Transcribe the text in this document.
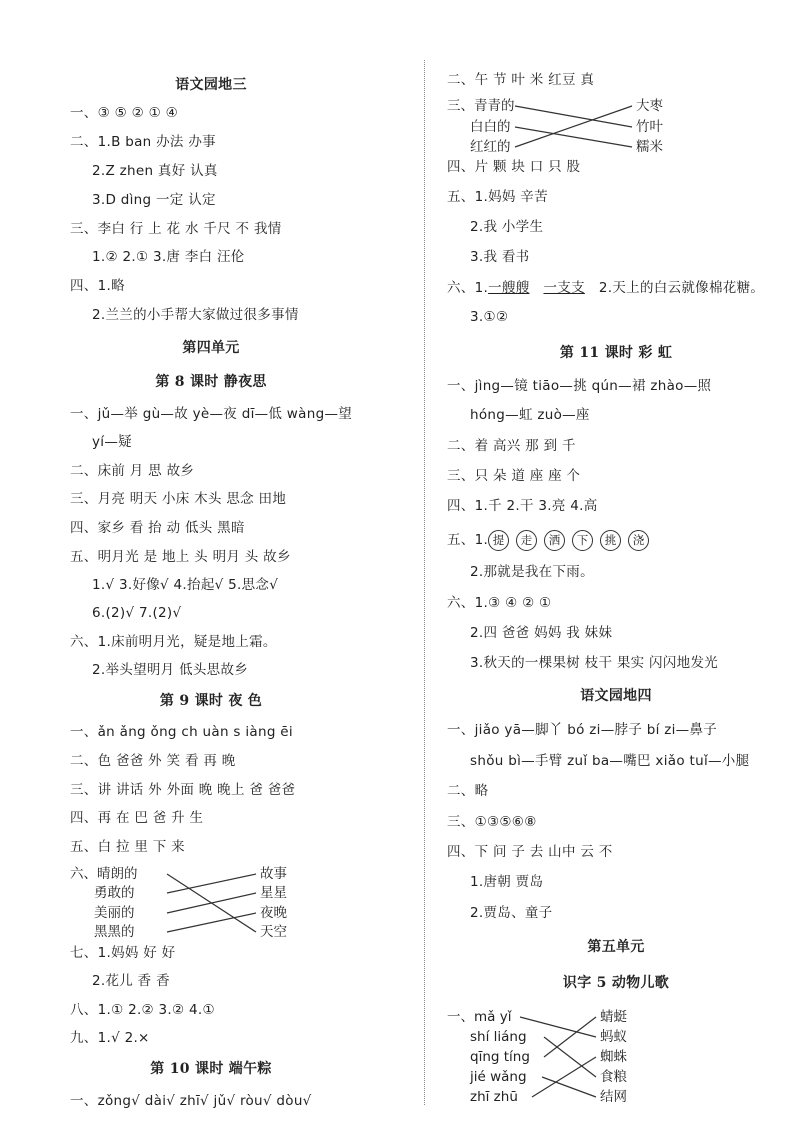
语文园地三
一、③ ⑤ ② ① ④
二、1.B ban 办法 办事
2.Z zhen 真好 认真
3.D dìng 一定 认定
三、李白 行 上 花 水 千尺 不 我情
1.② 2.① 3.唐 李白 汪伦
四、1.略
2.兰兰的小手帮大家做过很多事情
第四单元
第 8 课时 静夜思
一、jǔ—举 gù—故 yè—夜 dī—低 wàng—望
yí—疑
二、床前 月 思 故乡
三、月亮 明天 小床 木头 思念 田地
四、家乡 看 抬 动 低头 黑暗
五、明月光 是 地上 头 明月 头 故乡
1.√ 3.好像√ 4.抬起√ 5.思念√
6.(2)√ 7.(2)√
六、1.床前明月光，疑是地上霜。
2.举头望明月 低头思故乡
第 9 课时 夜 色
一、ǎn ǎng ǒng ch uàn s iàng ēi
二、色 爸爸 外 笑 看 再 晚
三、讲 讲话 外 外面 晚 晚上 爸 爸爸
四、再 在 巴 爸 升 生
五、白 拉 里 下 来
六、晴朗的
勇敢的
美丽的
黑黑的
故事
星星
夜晚
天空
七、1.妈妈 好 好
2.花儿 香 香
八、1.① 2.② 3.② 4.①
九、1.√ 2.×
第 10 课时 端午粽
一、zǒng√ dài√ zhī√ jǔ√ ròu√ dòu√
二、午 节 叶 米 红豆 真
三、青青的
白白的
红红的
大枣
竹叶
糯米
四、片 颗 块 口 只 股
五、1.妈妈 辛苦
2.我 小学生
3.我 看书
六、1.一艘艘 一支支 2.天上的白云就像棉花糖。
3.①②
第 11 课时 彩 虹
一、jìng—镜 tiāo—挑 qún—裙 zhào—照
hóng—虹 zuò—座
二、着 高兴 那 到 千
三、只 朵 道 座 座 个
四、1.千 2.干 3.亮 4.高
五、1. 提 走 洒 下 挑 浇
2.那就是我在下雨。
六、1.③ ④ ② ①
2.四 爸爸 妈妈 我 妹妹
3.秋天的一棵果树 枝干 果实 闪闪地发光
语文园地四
一、jiǎo yā—脚丫 bó zi—脖子 bí zi—鼻子
shǒu bì—手臂 zuǐ ba—嘴巴 xiǎo tuǐ—小腿
二、略
三、①③⑤⑥⑧
四、下 问 子 去 山中 云 不
1.唐朝 贾岛
2.贾岛、童子
第五单元
识字 5 动物儿歌
一、mǎ yǐ
shí liáng
qīng tíng
jié wǎng
zhī zhū
蜻蜓
蚂蚁
蜘蛛
食粮
结网
